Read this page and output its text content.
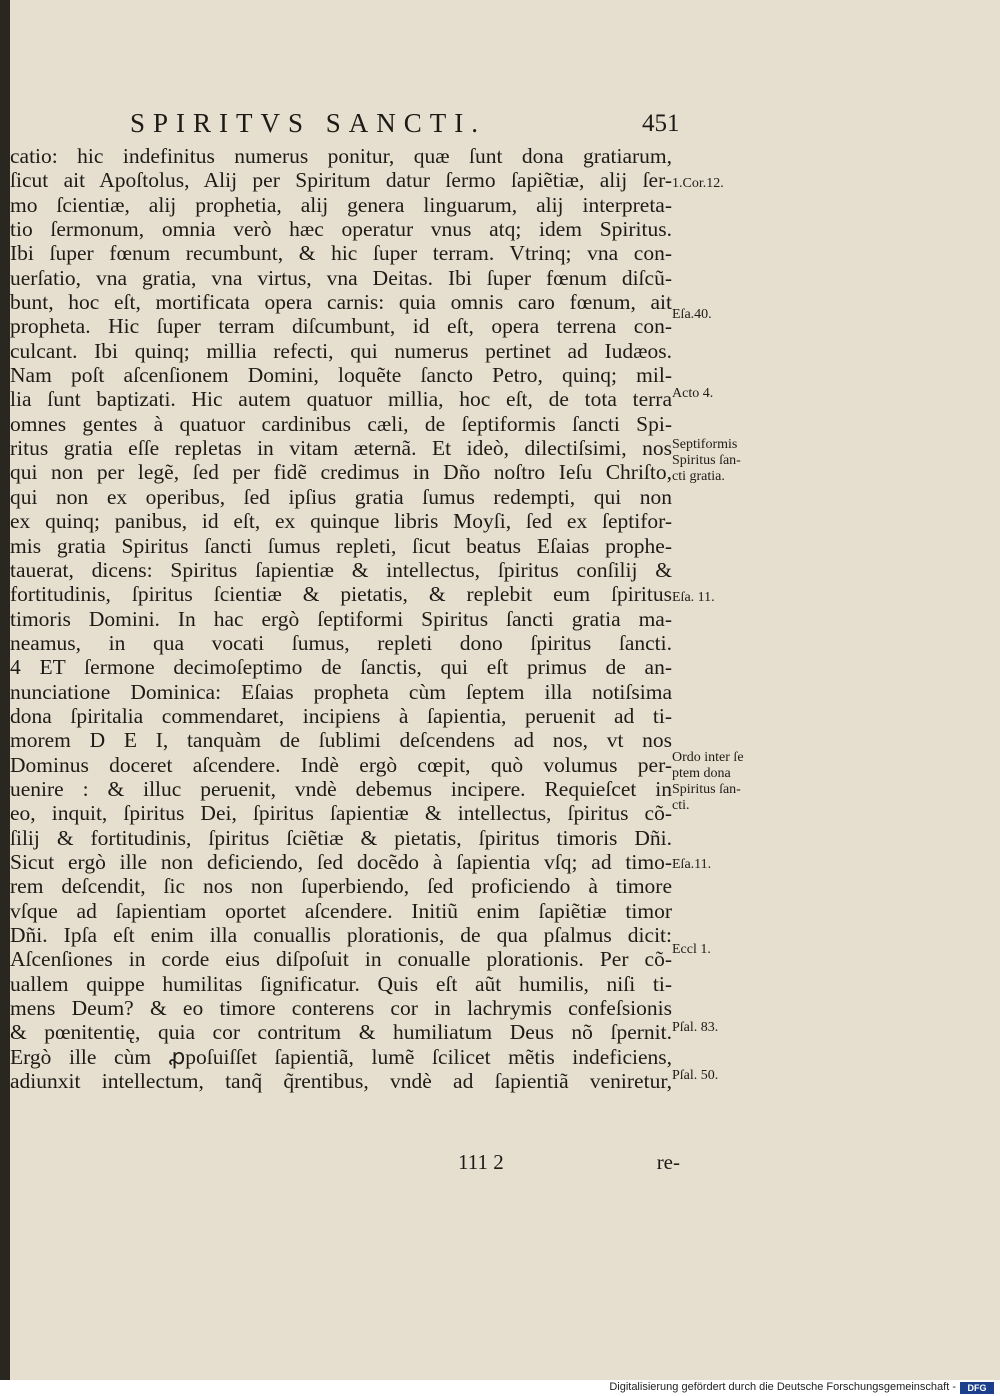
SPIRITVS SANCTI.	451
catio: hic indefinitus numerus ponitur, quæ ſunt dona gratiarum,
ſicut ait Apoſtolus, Alij per Spiritum datur ſermo ſapiẽtiæ, alij ſer-
mo ſcientiæ, alij prophetia, alij genera linguarum, alij interpreta-
tio ſermonum, omnia verò hæc operatur vnus atq; idem Spiritus.
Ibi ſuper fœnum recumbunt, & hic ſuper terram. Vtrinq; vna con-
uerſatio, vna gratia, vna virtus, vna Deitas. Ibi ſuper fœnum diſcũ-
bunt, hoc eſt, mortificata opera carnis: quia omnis caro fœnum, ait
propheta. Hic ſuper terram diſcumbunt, id eſt, opera terrena con-
culcant. Ibi quinq; millia refecti, qui numerus pertinet ad Iudæos.
Nam poſt aſcenſionem Domini, loquẽte ſancto Petro, quinq; mil-
lia ſunt baptizati. Hic autem quatuor millia, hoc eſt, de tota terra
omnes gentes à quatuor cardinibus cæli, de ſeptiformis ſancti Spi-
ritus gratia eſſe repletas in vitam æternã. Et ideò, dilectiſsimi, nos
qui non per legẽ, ſed per fidẽ credimus in Dño noſtro Ieſu Chriſto,
qui non ex operibus, ſed ipſius gratia ſumus redempti, qui non
ex quinq; panibus, id eſt, ex quinque libris Moyſi, ſed ex ſeptifor-
mis gratia Spiritus ſancti ſumus repleti, ſicut beatus Eſaias prophe-
tauerat, dicens: Spiritus ſapientiæ & intellectus, ſpiritus conſilij &
fortitudinis, ſpiritus ſcientiæ & pietatis, & replebit eum ſpiritus
timoris Domini. In hac ergò ſeptiformi Spiritus ſancti gratia ma-
neamus, in qua vocati ſumus, repleti dono ſpiritus ſancti.
4 ET ſermone decimoſeptimo de ſanctis, qui eſt primus de an-
nunciatione Dominica: Eſaias propheta cùm ſeptem illa notiſsima
dona ſpiritalia commendaret, incipiens à ſapientia, peruenit ad ti-
morem D E I, tanquàm de ſublimi deſcendens ad nos, vt nos
Dominus doceret aſcendere. Indè ergò cœpit, quò volumus per-
uenire : & illuc peruenit, vndè debemus incipere. Requieſcet in
eo, inquit, ſpiritus Dei, ſpiritus ſapientiæ & intellectus, ſpiritus cõ-
ſilij & fortitudinis, ſpiritus ſciẽtiæ & pietatis, ſpiritus timoris Dñi.
Sicut ergò ille non deficiendo, ſed docẽdo à ſapientia vſq; ad timo-
rem deſcendit, ſic nos non ſuperbiendo, ſed proficiendo à timore
vſque ad ſapientiam oportet aſcendere. Initiũ enim ſapiẽtiæ timor
Dñi. Ipſa eſt enim illa conuallis plorationis, de qua pſalmus dicit:
Aſcenſiones in corde eius diſpoſuit in conualle plorationis. Per cõ-
uallem quippe humilitas ſignificatur. Quis eſt aũt humilis, niſi ti-
mens Deum? & eo timore conterens cor in lachrymis confeſsionis
& pœnitentię, quia cor contritum & humiliatum Deus nõ ſpernit.
Ergò ille cùm ꝓpoſuiſſet ſapientiã, lumẽ ſcilicet mẽtis indeficiens,
adiunxit intellectum, tanq̃ q̃rentibus, vndè ad ſapientiã veniretur,
1.Cor.12.
Eſa.40.
Acto 4.
Septiformis
Spiritus ſan-
cti gratia.
Eſa. 11.
Ordo inter ſe
ptem dona
Spiritus ſan-
cti.
Eſa.11.
Eccl 1.
Pſal. 83.
Pſal. 50.
111 2	re-
Digitalisierung gefördert durch die Deutsche Forschungsgemeinschaft -	DFG
